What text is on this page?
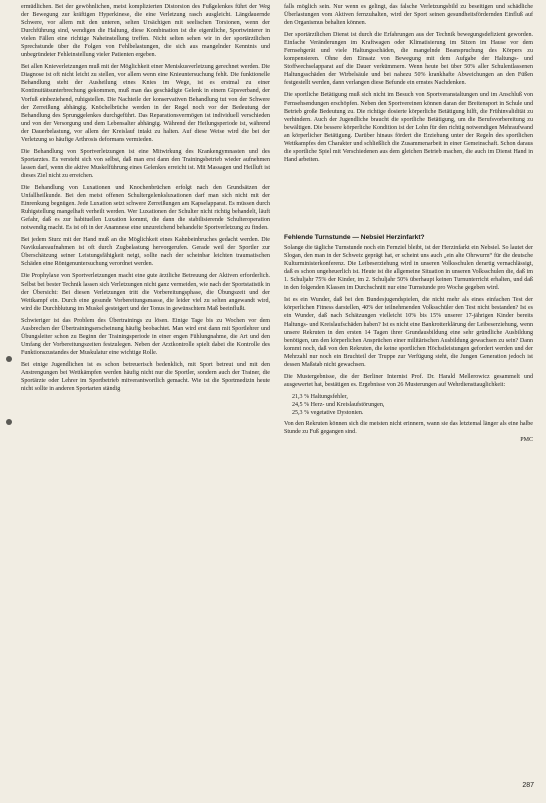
ermüdlichen. Bei der gewöhnlichen, meist komplizierten Distorsion des Fußgelenkes führt der Weg der Bewegung zur kräftigen Hyperkinese, die eine Verletzung rasch ausgleicht. Längdauernde Schwere, vor allem mit den unteren, selten Ursächigen mit seelischen Torsionen, wenn der Durchführung sind, wendigen die Haltung, diese Kombination ist die eigentliche, Sportwinterer in vielen Fällen eine richtige Naheinstellung treffen. Nicht selten sehen wir in der sportärztlichen Sprechstunde über die Folgen von Fehlbelastungen, die sich aus mangelnder Kenntnis und unbegründeter Fehleinstellung vieler Patienten ergeben.

Bei allen Knieverletzungen muß mit der Möglichkeit einer Meniskusverletzung gerechnet werden. Die Diagnose ist oft nicht leicht zu stellen, vor allem wenn eine Knieuntersuchung fehlt. Die funktionelle Behandlung steht der Ausheilung eines Knies im Wege, ist es erstmal zu einer Kontinuitätsunterbrechung gekommen, muß man das geschädigte Gelenk in einem Gipsverband, der Vorfuß einbeziehend, ruhigstellen. Die Nachteile der konservativen Behandlung tut von der Schwere der Zerreißung abhängig. Knöchelbrüche werden in der Regel noch vor der Bedeutung der Behandlung des Sprunggelenkes durchgeführt. Das Reparationsvermögen ist individuell verschieden und von der Versorgung und dem Lebensalter abhängig. Während der Heilungsperiode ist, während der Dauerbelastung, vor allem der Kreislauf intakt zu halten. Auf diese Weise wird die bei der Verletzung so häufige Arthrosis deformans vermieden.

Die Behandlung von Sportverletzungen ist eine Mitwirkung des Krankengymnasten und des Sportarztes. Es versteht sich von selbst, daß man erst dann den Trainingsbetrieb wieder aufnehmen lassen darf, wenn die aktive Muskelführung eines Gelenkes erreicht ist. Mit Massagen und Heilluft ist dieses Ziel nicht zu erreichen.

Die Behandlung von Luxationen und Knochenbrüchen erfolgt nach den Grundsätzen der Unfallheilkunde. Bei den meist offenen Schultergelenksluxationen darf man sich nicht mit der Einrenkung begnügen. Jede Luxation setzt schwere Zerreißungen am Kapselapparat. Es müssen durch Ruhigstellung mangelhaft verheilt werden. Wer Luxationen der Schulter nicht richtig behandelt, läuft Gefahr, daß es zur habituellen Luxation kommt, die dann die stabilisierende Schulteroperation notwendig macht. Es ist oft in der Anamnese eine unzureichend behandelte Sportverletzung zu finden.

Bei jedem Sturz mit der Hand muß an die Möglichkeit eines Kahnbeinbruches gedacht werden. Die Navikulareaufnahmen ist oft durch Zugbelastung hervorgerufen. Gerade weil der Sportler zur Überschätzung seiner Leistungsfähigkeit neigt, sollte nach der scheinbar leichten traumatischen Schäden eine Röntgenuntersuchung verordnet werden.

Die Prophylaxe von Sportverletzungen macht eine gute ärztliche Betreuung der Aktiven erforderlich. Selbst bei bester Technik lassen sich Verletzungen nicht ganz vermeiden, wie nach der Sportstatistik in der Übersicht: Bei diesen Verletzungen tritt die Vorbereitungsphase, die Übungszeit und der Wettkampf ein. Durch eine gesunde Vorbereitungsmasse, die leider viel zu selten angewandt wird, wird die Durchblutung im Muskel gesteigert und der Tonus in gewünschtem Maß beeinflußt.

Schwieriger ist das Problem des Übertrainings zu lösen. Einige Tage bis zu Wochen vor dem Ausbrechen der Übertrainingserscheinung häufig beobachtet. Man wird erst dann mit Sportlehrer und Übungsleiter schon zu Beginn der Trainingsperiode in einer engen Fühlungnahme, die Art und den Umfang der Vorbereitungszeiten festzulegen. Neben der Arztkontrolle spielt dabei die Kontrolle des Funktionszustandes der Muskulatur eine wichtige Rolle.

Bei einige Jugendlichen ist es schon betreuerisch bedenklich, mit Sport betreut und mit den Anstrengungen bei Wettkämpfen werden häufig nicht nur die Sportler, sondern auch der Trainer, die Sportärzte oder Lehrer im Sportbetrieb mitverantwortlich gemacht. Wie ist die Sportmedizin heute nicht sollte in anderen Sportarten ständig

falls möglich sein. Nur wenn es gelingt, das falsche Verletzungsbild zu beseitigen und schädliche Überlastungen vom Aktiven fernzuhalten, wird der Sport seinen gesundheitsfördernden Einfluß auf den Organismus behalten können.

Der sportärztlichen Dienst ist durch die Erfahrungen aus der Technik bewegungsdefizient geworden. Einfache Veränderungen im Kraftwagen oder Klimatisierung im Sitzen im Hause vor dem Fernsehgerät und viele Haltungsschäden, die mangelnde Beanspruchung des Körpers zu kompensieren. Ohne den Einsatz von Bewegung mit dem Aufgabe der Haltungs- und Stoffwechselapparat auf die Dauer verkümmern. Wenn heute bei über 50% aller Schulentlassenen Haltungsschäden der Wirbelsäule und bei nahezu 50% krankhafte Abweichungen an den Füßen festgestellt werden, dann verlangen diese Befunde ein ernstes Nachdenken.

Die sportliche Betätigung muß sich nicht im Besuch von Sportveranstaltungen und im Anschluß von Fernsehsendungen erschöpfen. Neben den Sportvereinen können daran der Breitensport in Schule und Betrieb große Bedeutung zu. Die richtige dosierte körperliche Betätigung hilft, die Frühinvalidität zu verhindern. Auch der Jugendliche braucht die sportliche Betätigung, um die Berufsvorbereitung zu bewältigen. Die bessere körperliche Kondition ist der Lohn für den richtig notwendigen Mehraufwand an körperlicher Betätigung. Darüber hinaus fördert die Erziehung unter der Regeln des sportlichen Wettkampfes den Charakter und schließlich die Zusammenarbeit in einer Gemeinschaft. Schon daraus die sportliche Spiel mit Verschiedenen aus dem gleichen Betrieb machen, die auch im Dienst Hand in Hand arbeiten.

Fehlende Turnstunde — Nebsiel Herzinfarkt?

Solange die tägliche Turnstunde noch ein Fernziel bleibt, ist der Herzinfarkt ein Nebsiel. So lautet der Slogan, den man in der Schweiz geprägt hat, er scheint uns auch „ein alte Ohrwurm“ für die deutsche Kulturministerkonferenz. Die Leibeserziehung wird in unseren Volksschulen derartig vernachlässigt, daß es schon ungeheuerlich ist. Heute ist die allgemeine Situation in unseren Volksschulen die, daß im 1. Schuljahr 75% der Kinder, im 2. Schuljahr 50% überhaupt keinen Turnunterricht erhalten, und daß in den folgenden Klassen im Durchschnitt nur eine Turnstunde pro Woche gegeben wird.

Ist es ein Wunder, daß bei den Bundesjugendspielen, die nicht mehr als eines einfachen Test der körperlichen Fitness darstellen, 40% der teilnehmenden Volksschüler den Test nicht bestanden? Ist es ein Wunder, daß nach Schätzungen vielleicht 10% bis 15% unserer 17-jährigen Kinder bereits Haltungs- und Kreislaufschäden haben? Ist es nicht eine Bankrotterklärung der Leibeserziehung, wenn unsere Rekruten in den ersten 14 Tagen ihrer Grundausbildung eine sehr gründliche Ausbildung benötigen, um den körperlichen Ansprüchen einer militärischen Ausbildung gewachsen zu sein? Dann kommt noch, daß von den Rekruten, die keine sportlichen Höchstleistungen gefordert werden und der Mehrzahl nur noch ein Bruchteil der Truppe zur Verfügung steht, die Jungen Generation jedoch ist dessen Maßstab nicht gewachsen.

Die Mustergebnisse, die der Berliner Internist Prof. Dr. Harald Mellerowicz gesammelt und ausgewertet hat, bestätigen es. Ergebnisse von 26 Musterungen auf Wehrdiensttauglichkeit:

21,3 % Haltungsfehler,
24,5 % Herz- und Kreislaufstörungen,
25,3 % vegetative Dystonien.

Von den Rekruten können sich die meisten nicht erinnern, wann sie das letztemal länger als eine halbe Stunde zu Fuß gegangen sind.

PMC
287
